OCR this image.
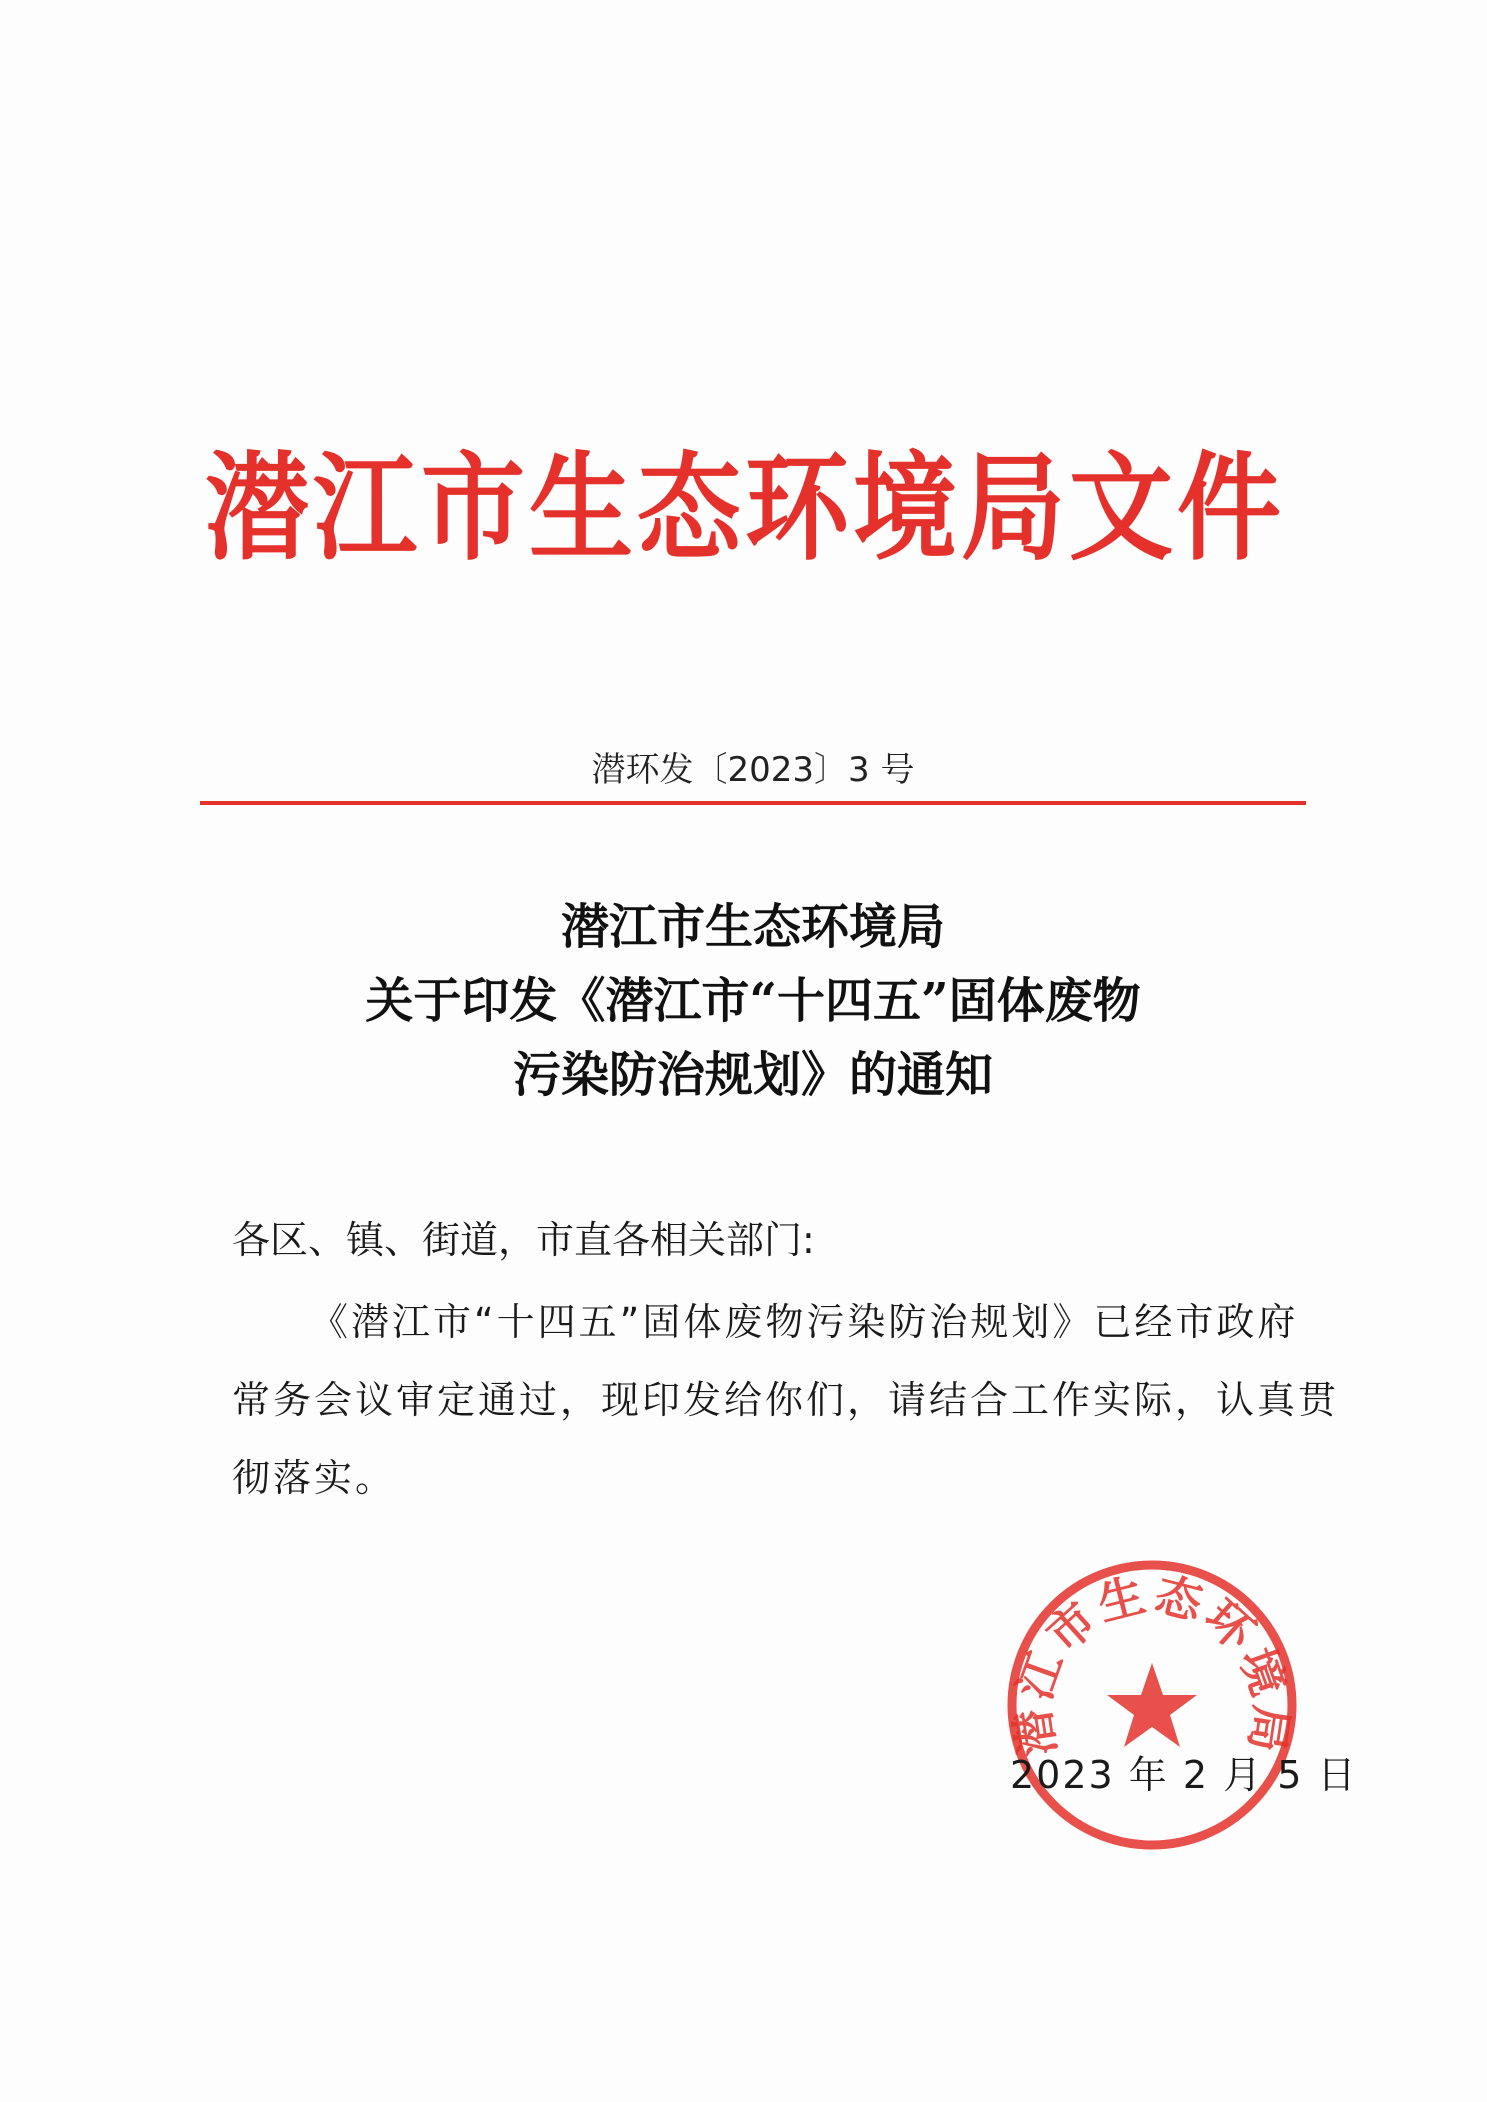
潜江市生态环境局文件
潜环发〔2023〕3 号
潜江市生态环境局
关于印发《潜江市“十四五”固体废物
污染防治规划》的通知
各区、镇、街道，市直各相关部门:
《潜江市“十四五”固体废物污染防治规划》已经市政府
常务会议审定通过，现印发给你们，请结合工作实际，认真贯
彻落实。
潜江市生态环境局
2023 年 2 月 5 日
